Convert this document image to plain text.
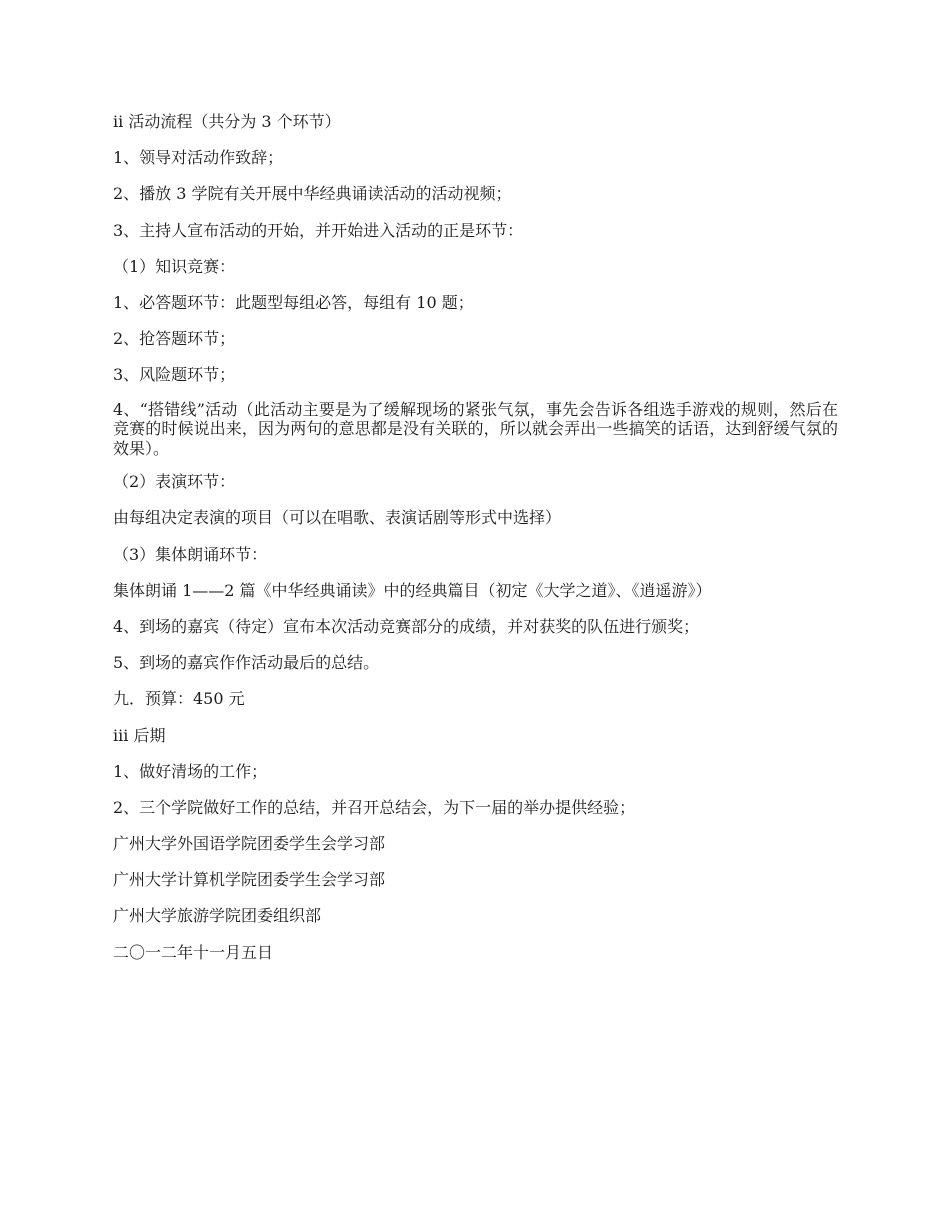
ii 活动流程（共分为 3 个环节）

1、领导对活动作致辞；

2、播放 3 学院有关开展中华经典诵读活动的活动视频；

3、主持人宣布活动的开始，并开始进入活动的正是环节：

（1）知识竞赛：

1、必答题环节：此题型每组必答，每组有 10 题；

2、抢答题环节；

3、风险题环节；

4、“搭错线”活动（此活动主要是为了缓解现场的紧张气氛，事先会告诉各组选手游戏的规则，然后在竞赛的时候说出来，因为两句的意思都是没有关联的，所以就会弄出一些搞笑的话语，达到舒缓气氛的效果）。

（2）表演环节：

由每组决定表演的项目（可以在唱歌、表演话剧等形式中选择）

（3）集体朗诵环节：

集体朗诵 1——2 篇《中华经典诵读》中的经典篇目（初定《大学之道》、《逍遥游》）

4、到场的嘉宾（待定）宣布本次活动竞赛部分的成绩，并对获奖的队伍进行颁奖；

5、到场的嘉宾作作活动最后的总结。

九．预算：450 元

iii 后期

1、做好清场的工作；

2、三个学院做好工作的总结，并召开总结会，为下一届的举办提供经验；

广州大学外国语学院团委学生会学习部

广州大学计算机学院团委学生会学习部

广州大学旅游学院团委组织部

二〇一二年十一月五日
